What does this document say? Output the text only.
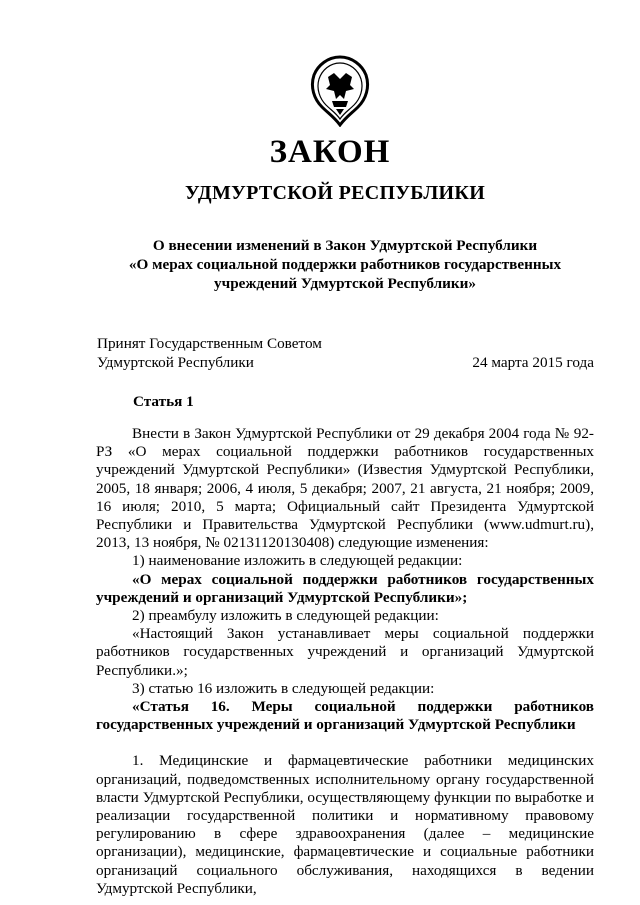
ЗАКОН
УДМУРТСКОЙ РЕСПУБЛИКИ
О внесении изменений в Закон Удмуртской Республики
«О мерах социальной поддержки работников государственных
учреждений Удмуртской Республики»
Принят Государственным Советом
Удмуртской Республики	24 марта 2015 года
Статья 1

Внести в Закон Удмуртской Республики от 29 декабря 2004 года № 92-РЗ «О мерах социальной поддержки работников государственных учреждений Удмуртской Республики» (Известия Удмуртской Республики, 2005, 18 января; 2006, 4 июля, 5 декабря; 2007, 21 августа, 21 ноября; 2009, 16 июля; 2010, 5 марта; Официальный сайт Президента Удмуртской Республики и Правительства Удмуртской Республики (www.udmurt.ru), 2013, 13 ноября, № 02131120130408) следующие изменения:

1) наименование изложить в следующей редакции:

«О мерах социальной поддержки работников государственных учреждений и организаций Удмуртской Республики»;

2) преамбулу изложить в следующей редакции:

«Настоящий Закон устанавливает меры социальной поддержки работников государственных учреждений и организаций Удмуртской Республики.»;

3) статью 16 изложить в следующей редакции:

«Статья 16. Меры социальной поддержки работников государственных учреждений и организаций Удмуртской Республики

1. Медицинские и фармацевтические работники медицинских организаций, подведомственных исполнительному органу государственной власти Удмуртской Республики, осуществляющему функции по выработке и реализации государственной политики и нормативному правовому регулированию в сфере здравоохранения (далее – медицинские организации), медицинские, фармацевтические и социальные работники организаций социального обслуживания, находящихся в ведении Удмуртской Республики,
